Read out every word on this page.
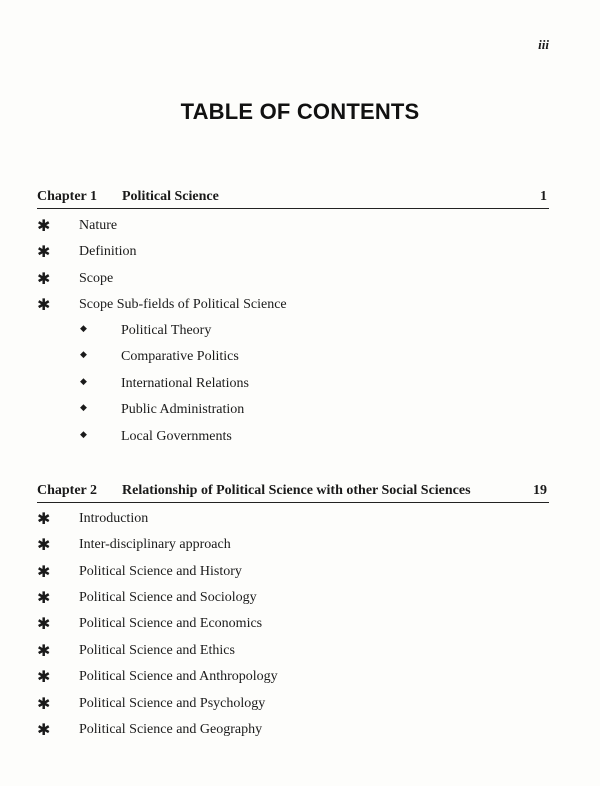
iii
TABLE OF CONTENTS
Chapter 1 Political Science	1
✱ Nature
✱ Definition
✱ Scope
✱ Scope Sub-fields of Political Science
◆ Political Theory
◆ Comparative Politics
◆ International Relations
◆ Public Administration
◆ Local Governments
Chapter 2 Relationship of Political Science with other Social Sciences	19
✱ Introduction
✱ Inter-disciplinary approach
✱ Political Science and History
✱ Political Science and Sociology
✱ Political Science and Economics
✱ Political Science and Ethics
✱ Political Science and Anthropology
✱ Political Science and Psychology
✱ Political Science and Geography
